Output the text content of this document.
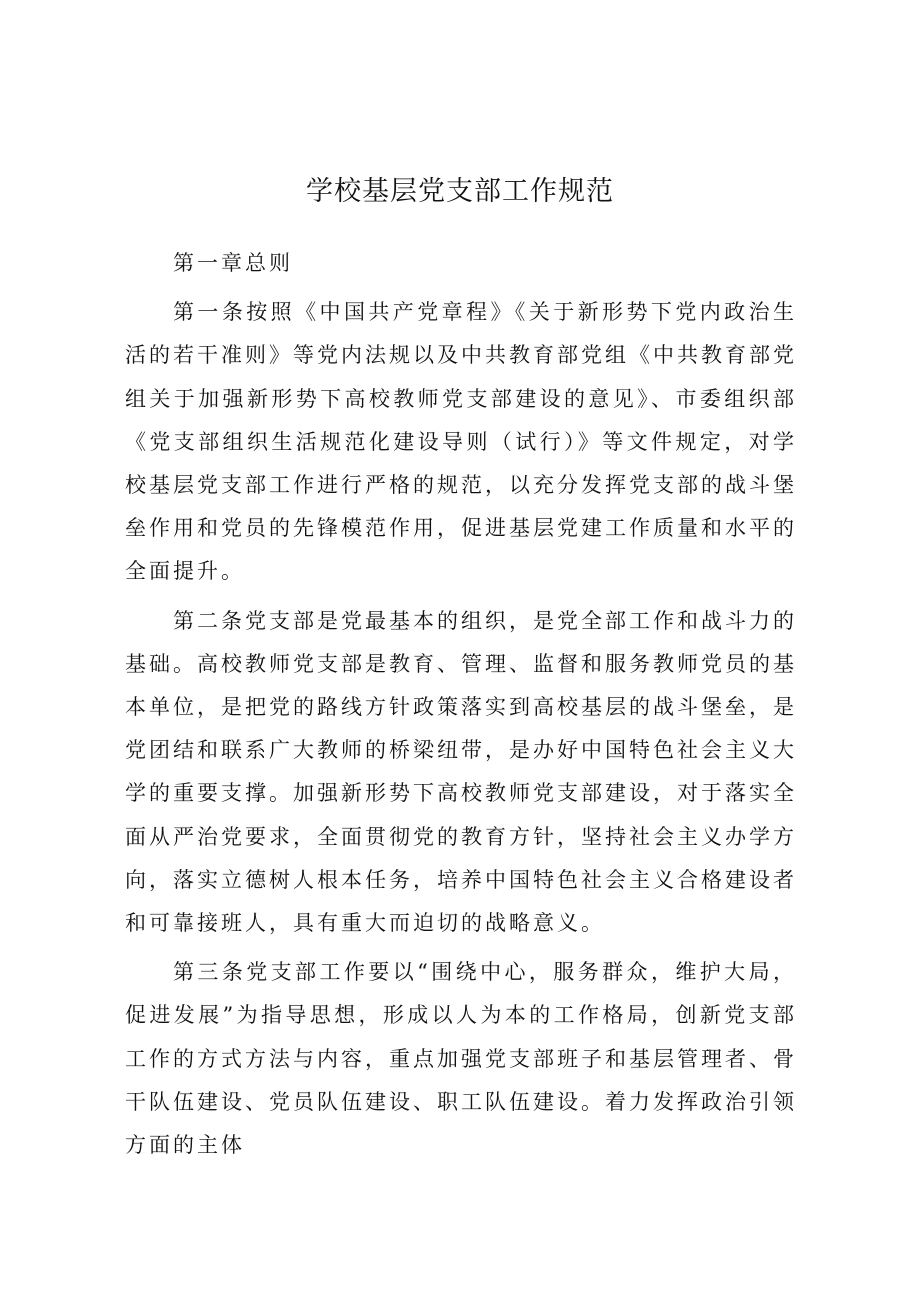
学校基层党支部工作规范

第一章总则

第一条按照《中国共产党章程》《关于新形势下党内政治生活的若干准则》等党内法规以及中共教育部党组《中共教育部党组关于加强新形势下高校教师党支部建设的意见》、市委组织部《党支部组织生活规范化建设导则（试行）》等文件规定，对学校基层党支部工作进行严格的规范，以充分发挥党支部的战斗堡垒作用和党员的先锋模范作用，促进基层党建工作质量和水平的全面提升。

第二条党支部是党最基本的组织，是党全部工作和战斗力的基础。高校教师党支部是教育、管理、监督和服务教师党员的基本单位，是把党的路线方针政策落实到高校基层的战斗堡垒，是党团结和联系广大教师的桥梁纽带，是办好中国特色社会主义大学的重要支撑。加强新形势下高校教师党支部建设，对于落实全面从严治党要求，全面贯彻党的教育方针，坚持社会主义办学方向，落实立德树人根本任务，培养中国特色社会主义合格建设者和可靠接班人，具有重大而迫切的战略意义。

第三条党支部工作要以“围绕中心，服务群众，维护大局，促进发展”为指导思想，形成以人为本的工作格局，创新党支部工作的方式方法与内容，重点加强党支部班子和基层管理者、骨干队伍建设、党员队伍建设、职工队伍建设。着力发挥政治引领方面的主体
